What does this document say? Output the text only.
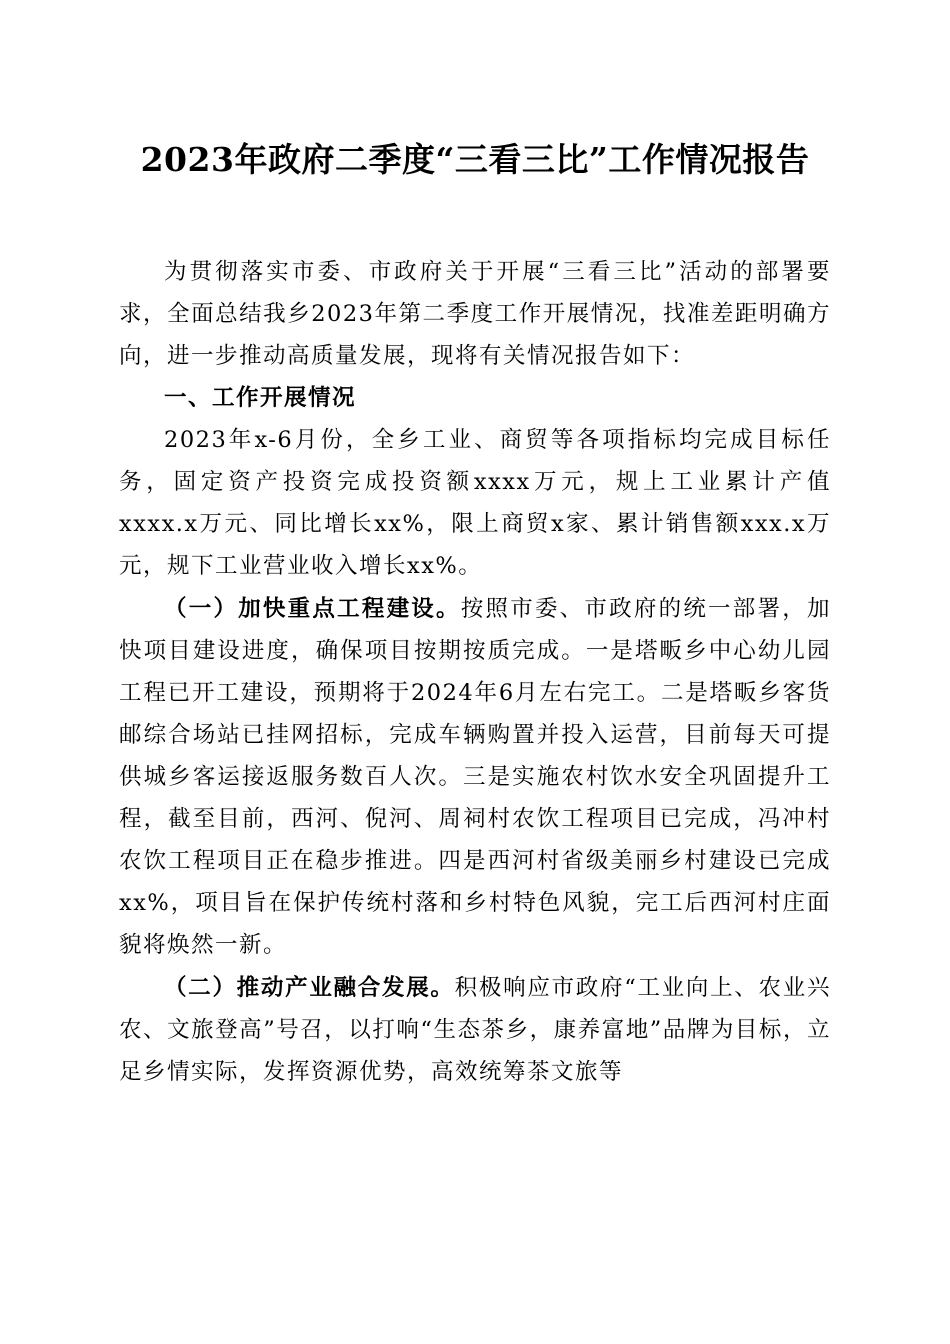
2023年政府二季度“三看三比”工作情况报告

为贯彻落实市委、市政府关于开展“三看三比”活动的部署要求，全面总结我乡2023年第二季度工作开展情况，找准差距明确方向，进一步推动高质量发展，现将有关情况报告如下：

一、工作开展情况

2023年x-6月份，全乡工业、商贸等各项指标均完成目标任务，固定资产投资完成投资额xxxx万元，规上工业累计产值xxxx.x万元、同比增长xx%，限上商贸x家、累计销售额xxx.x万元，规下工业营业收入增长xx%。

（一）加快重点工程建设。按照市委、市政府的统一部署，加快项目建设进度，确保项目按期按质完成。一是塔畈乡中心幼儿园工程已开工建设，预期将于2024年6月左右完工。二是塔畈乡客货邮综合场站已挂网招标，完成车辆购置并投入运营，目前每天可提供城乡客运接返服务数百人次。三是实施农村饮水安全巩固提升工程，截至目前，西河、倪河、周祠村农饮工程项目已完成，冯冲村农饮工程项目正在稳步推进。四是西河村省级美丽乡村建设已完成xx%，项目旨在保护传统村落和乡村特色风貌，完工后西河村庄面貌将焕然一新。

（二）推动产业融合发展。积极响应市政府“工业向上、农业兴农、文旅登高”号召，以打响“生态茶乡，康养富地”品牌为目标，立足乡情实际，发挥资源优势，高效统筹茶文旅等
